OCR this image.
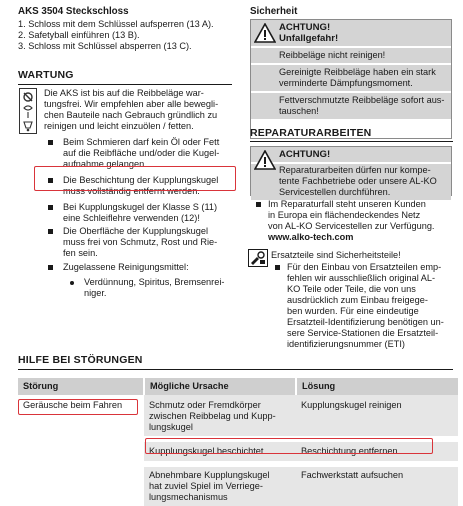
AKS 3504 Steckschloss
1. Schloss mit dem Schlüssel aufsperren (13 A).
2. Safetyball einführen (13 B).
3. Schloss mit Schlüssel absperren (13 C).
WARTUNG
Die AKS ist bis auf die Reibbeläge war-
tungsfrei. Wir empfehlen aber alle bewegli-
chen Bauteile nach Gebrauch gründlich zu
reinigen und leicht einzuölen / fetten.
Beim Schmieren darf kein Öl oder Fett
auf die Reibfläche und/oder die Kugel-
aufnahme gelangen.
Die Beschichtung der Kupplungskugel
muss vollständig entfernt werden.
Bei Kupplungskugel der Klasse S (11)
eine Schleiflehre verwenden (12)!
Die Oberfläche der Kupplungskugel
muss frei von Schmutz, Rost und Rie-
fen sein.
Zugelassene Reinigungsmittel:
Verdünnung, Spiritus, Bremsenrei-
niger.
Sicherheit
ACHTUNG!
Unfallgefahr!
Reibbeläge nicht reinigen!
Gereinigte Reibbeläge haben ein stark
verminderte Dämpfungsmoment.
Fettverschmutzte Reibbeläge sofort aus-
tauschen!
REPARATURARBEITEN
ACHTUNG!
Reparaturarbeiten dürfen nur kompe-
tente Fachbetriebe oder unsere AL-KO
Servicestellen durchführen.
Im Reparaturfall steht unseren Kunden
in Europa ein flächendeckendes Netz
von AL-KO Servicestellen zur Verfügung.
www.alko-tech.com
Ersatzteile sind Sicherheitsteile!
Für den Einbau von Ersatzteilen emp-
fehlen wir ausschließlich original AL-
KO Teile oder Teile, die von uns
ausdrücklich zum Einbau freigege-
ben wurden. Für eine eindeutige
Ersatzteil-Identifizierung benötigen un-
sere Service-Stationen die Ersatzteil-
identifizierungsnummer (ETI)
HILFE BEI STÖRUNGEN
Störung	Mögliche Ursache	Lösung
Geräusche beim Fahren	Schmutz oder Fremdkörper
zwischen Reibbelag und Kupp-
lungskugel	Kupplungskugel reinigen

	Kupplungskugel beschichtet	Beschichtung entfernen

	Abnehmbare Kupplungskugel
hat zuviel Spiel im Verriege-
lungsmechanismus	Fachwerkstatt aufsuchen
